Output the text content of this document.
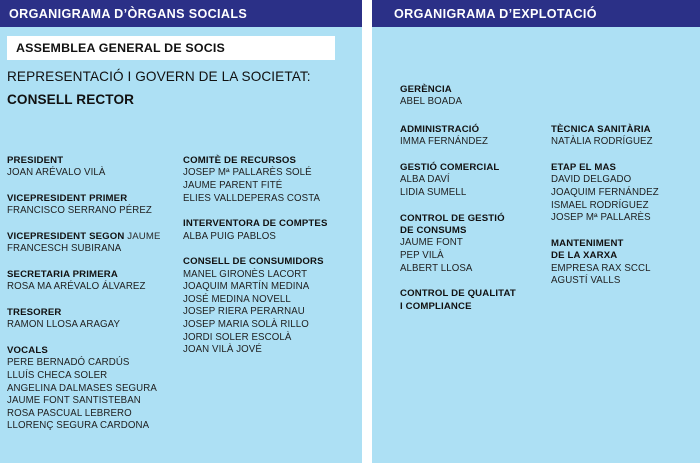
ORGANIGRAMA D’ÒRGANS SOCIALS
ASSEMBLEA GENERAL DE SOCIS
REPRESENTACIÓ I GOVERN DE LA SOCIETAT:
CONSELL RECTOR
PRESIDENT
JOAN ARÉVALO VILÀ
VICEPRESIDENT PRIMER
FRANCISCO SERRANO PÉREZ
VICEPRESIDENT SEGON JAUME
FRANCESCH SUBIRANA
SECRETARIA PRIMERA
ROSA MA ARÉVALO ÁLVAREZ
TRESORER
RAMON LLOSA ARAGAY
VOCALS
PERE BERNADÓ CARDÚS
LLUÍS CHECA SOLER
ANGELINA DALMASES SEGURA
JAUME FONT SANTISTEBAN
ROSA PASCUAL LEBRERO
LLORENÇ SEGURA CARDONA
COMITÈ DE RECURSOS
JOSEP Mª PALLARÈS SOLÉ
JAUME PARENT FITÉ
ELIES VALLDEPERAS COSTA
INTERVENTORA DE COMPTES
ALBA PUIG PABLOS
CONSELL DE CONSUMIDORS
MANEL GIRONÈS LACORT
JOAQUIM MARTÍN MEDINA
JOSÉ MEDINA NOVELL
JOSEP RIERA PERARNAU
JOSEP MARIA SOLÀ RILLO
JORDI SOLER ESCOLÀ
JOAN VILÀ JOVÉ
ORGANIGRAMA D’EXPLOTACIÓ
GERÈNCIA
ABEL BOADA
ADMINISTRACIÓ
IMMA FERNÁNDEZ
GESTIÓ COMERCIAL
ALBA DAVÍ
LIDIA SUMELL
CONTROL DE GESTIÓ
DE CONSUMS
JAUME FONT
PEP VILÀ
ALBERT LLOSA
CONTROL DE QUALITAT
I COMPLIANCE
TÈCNICA SANITÀRIA
NATÀLIA RODRÍGUEZ
ETAP EL MAS
DAVID DELGADO
JOAQUIM FERNÁNDEZ
ISMAEL RODRÍGUEZ
JOSEP Mª PALLARÈS
MANTENIMENT
DE LA XARXA
EMPRESA RAX SCCL
AGUSTÍ VALLS
